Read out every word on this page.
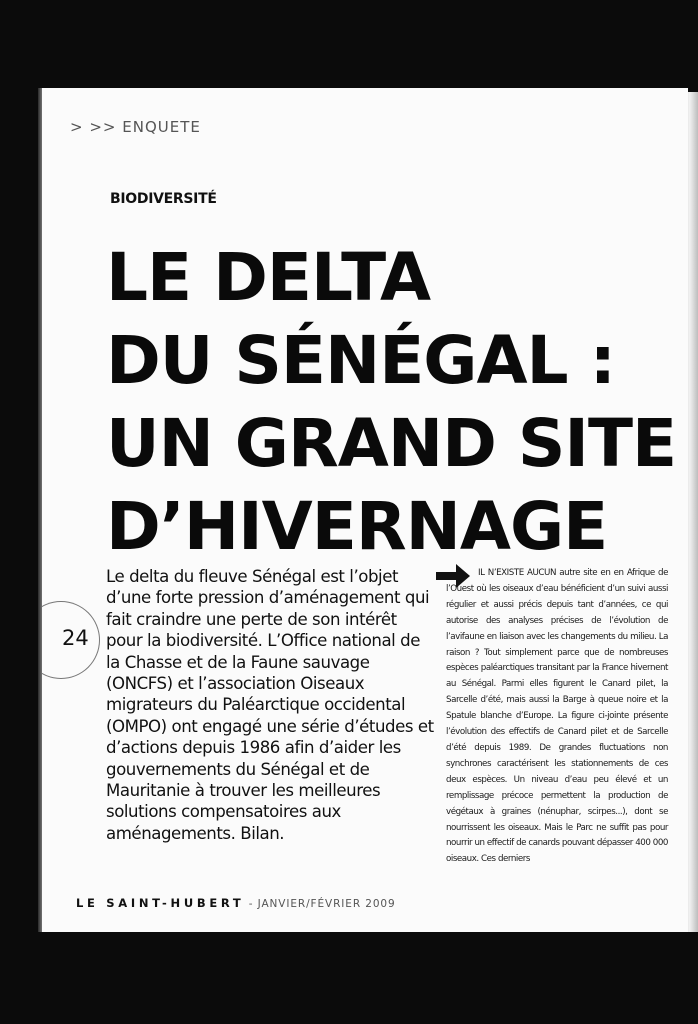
> >> ENQUETE
BIODIVERSITÉ
LE DELTA
DU SÉNÉGAL :
UN GRAND SITE
D’HIVERNAGE
24

Le delta du fleuve Sénégal est l’objet d’une forte pression d’aménagement qui fait craindre une perte de son intérêt pour la biodiversité. L’Office national de la Chasse et de la Faune sauvage (ONCFS) et l’association Oiseaux migrateurs du Paléarctique occidental (OMPO) ont engagé une série d’études et d’actions depuis 1986 afin d’aider les gouvernements du Sénégal et de Mauritanie à trouver les meilleures solutions compensatoires aux aménagements. Bilan.

IL N’EXISTE AUCUN autre site en en Afrique de l’Ouest où les oiseaux d’eau bénéficient d’un suivi aussi régulier et aussi précis depuis tant d’années, ce qui autorise des analyses précises de l’évolution de l’avifaune en liaison avec les changements du milieu. La raison ? Tout simplement parce que de nombreuses espèces paléarctiques transitant par la France hivernent au Sénégal. Parmi elles figurent le Canard pilet, la Sarcelle d’été, mais aussi la Barge à queue noire et la Spatule blanche d’Europe. La figure ci-jointe présente l’évolution des effectifs de Canard pilet et de Sarcelle d’été depuis 1989. De grandes fluctuations non synchrones caractérisent les stationnements de ces deux espèces. Un niveau d’eau peu élevé et un remplissage précoce permettent la production de végétaux à graines (nénuphar, scirpes...), dont se nourrissent les oiseaux. Mais le Parc ne suffit pas pour nourrir un effectif de canards pouvant dépasser 400 000 oiseaux. Ces derniers

LE SAINT-HUBERT - JANVIER/FÉVRIER 2009
